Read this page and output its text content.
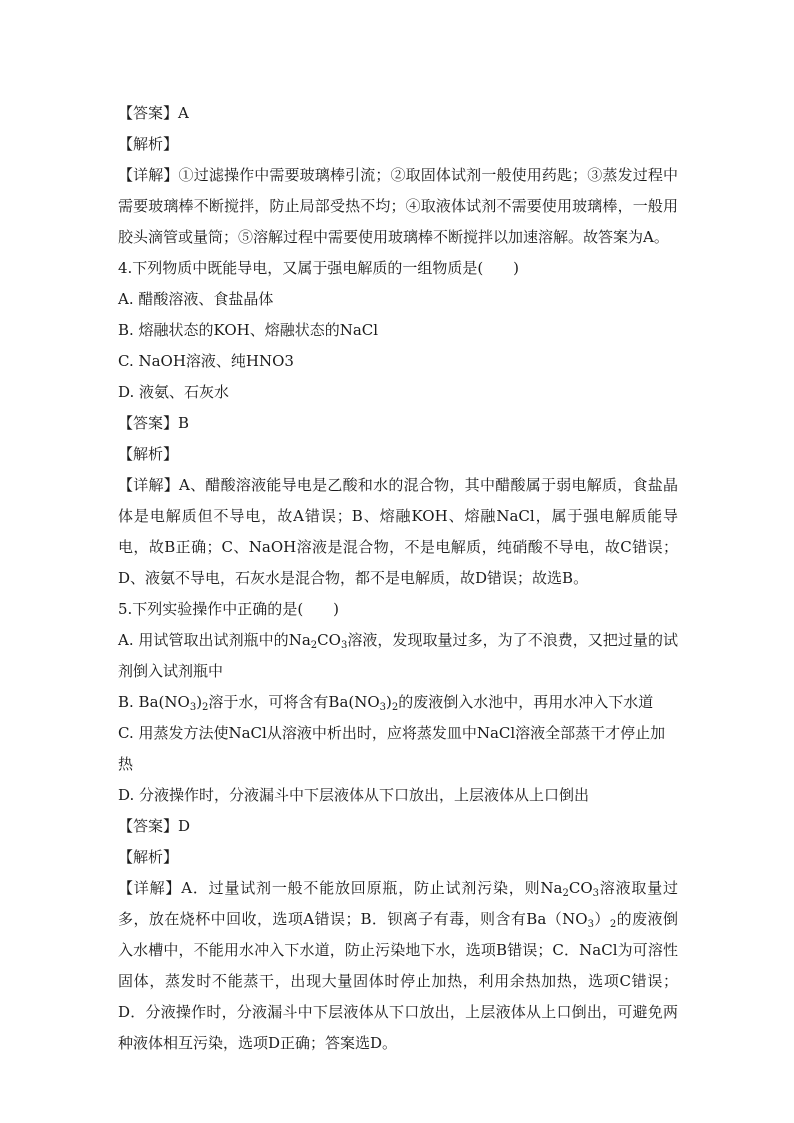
【答案】A

【解析】

【详解】①过滤操作中需要玻璃棒引流；②取固体试剂一般使用药匙；③蒸发过程中需要玻璃棒不断搅拌，防止局部受热不均；④取液体试剂不需要使用玻璃棒，一般用胶头滴管或量筒；⑤溶解过程中需要使用玻璃棒不断搅拌以加速溶解。故答案为A。

4.下列物质中既能导电，又属于强电解质的一组物质是(　　)

A. 醋酸溶液、食盐晶体

B. 熔融状态的KOH、熔融状态的NaCl

C. NaOH溶液、纯HNO3

D. 液氨、石灰水

【答案】B

【解析】

【详解】A、醋酸溶液能导电是乙酸和水的混合物，其中醋酸属于弱电解质，食盐晶体是电解质但不导电，故A错误；B、熔融KOH、熔融NaCl，属于强电解质能导电，故B正确；C、NaOH溶液是混合物，不是电解质，纯硝酸不导电，故C错误；D、液氨不导电，石灰水是混合物，都不是电解质，故D错误；故选B。

5.下列实验操作中正确的是(　　)

A. 用试管取出试剂瓶中的$Na_2CO_3$溶液，发现取量过多，为了不浪费，又把过量的试剂倒入试剂瓶中

B. $Ba(NO_3)_2$溶于水，可将含有$Ba(NO_3)_2$的废液倒入水池中，再用水冲入下水道

C. 用蒸发方法使NaCl从溶液中析出时，应将蒸发皿中NaCl溶液全部蒸干才停止加热

D. 分液操作时，分液漏斗中下层液体从下口放出，上层液体从上口倒出

【答案】D

【解析】

【详解】A．过量试剂一般不能放回原瓶，防止试剂污染，则$Na_2CO_3$溶液取量过多，放在烧杯中回收，选项A错误；B．钡离子有毒，则含有$Ba(NO_3)_2$的废液倒入水槽中，不能用水冲入下水道，防止污染地下水，选项B错误；C．NaCl为可溶性固体，蒸发时不能蒸干，出现大量固体时停止加热，利用余热加热，选项C错误；D．分液操作时，分液漏斗中下层液体从下口放出，上层液体从上口倒出，可避免两种液体相互污染，选项D正确；答案选D。
